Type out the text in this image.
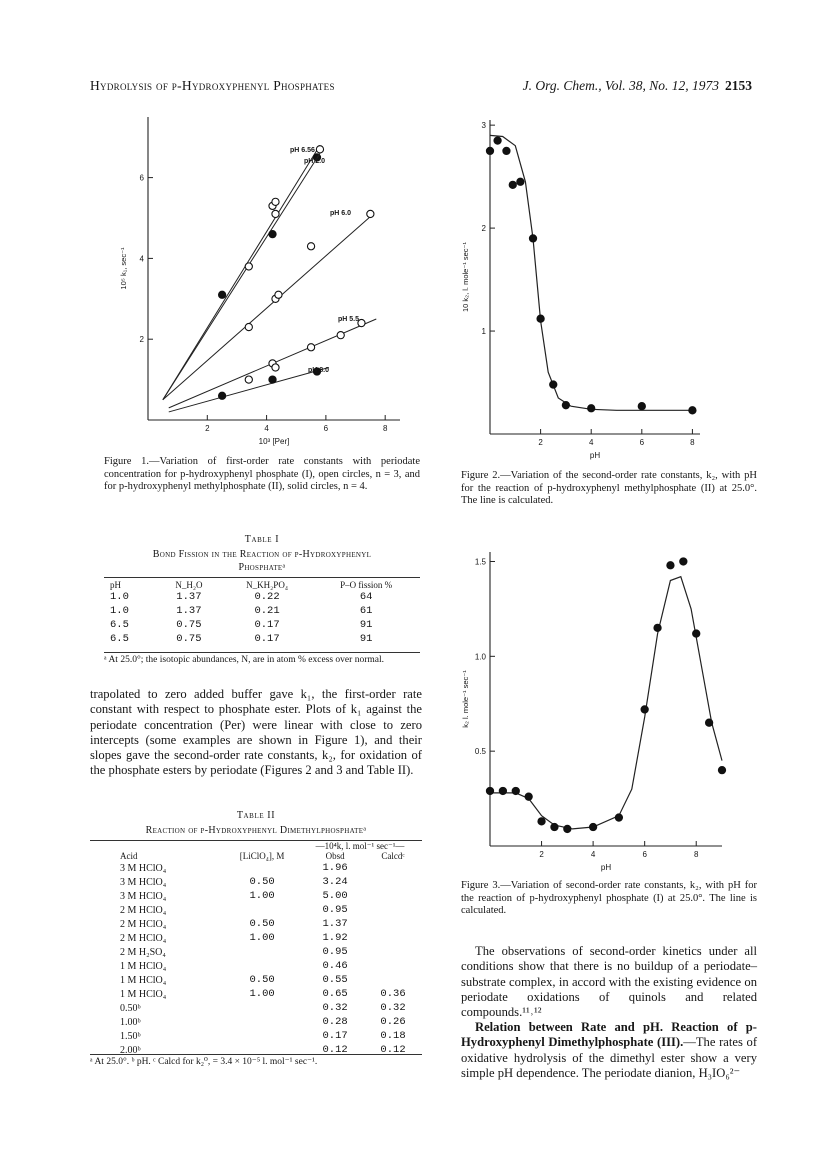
Hydrolysis of p-Hydroxyphenyl Phosphates	J. Org. Chem., Vol. 38, No. 12, 1973 2153
2	4	6	8
2
4
6
10³ [Per]
10⁵ k₁, sec⁻¹
pH 6.56
pH 2.0
pH 6.0
pH 5.5
pH 8.0
Figure 1.—Variation of first-order rate constants with periodate concentration for p-hydroxyphenyl phosphate (I), open circles, n = 3, and for p-hydroxyphenyl methylphosphate (II), solid circles, n = 4.
2	4	6	8
1
2
3
pH
10 k₂, l. mole⁻¹ sec⁻¹
Figure 2.—Variation of the second-order rate constants, k₂, with pH for the reaction of p-hydroxyphenyl methylphosphate (II) at 25.0°. The line is calculated.
2	4	6	8
0.5
1.0
1.5
pH
k₂ l. mole⁻¹ sec⁻¹
Figure 3.—Variation of second-order rate constants, k₂, with pH for the reaction of p-hydroxyphenyl phosphate (I) at 25.0°. The line is calculated.
Table I
Bond Fission in the Reaction of p-Hydroxyphenyl Phosphateᵃ
pH	N_H₂O	N_KH₂PO₄	P–O fission %
1.0	1.37	0.22	64
1.0	1.37	0.21	61
6.5	0.75	0.17	91
6.5	0.75	0.17	91
ᵃ At 25.0°; the isotopic abundances, N, are in atom % excess over normal.
trapolated to zero added buffer gave k₁, the first-order rate constant with respect to phosphate ester. Plots of k₁ against the periodate concentration (Per) were linear with close to zero intercepts (some examples are shown in Figure 1), and their slopes gave the second-order rate constants, k₂, for oxidation of the phosphate esters by periodate (Figures 2 and 3 and Table II).
Table II
Reaction of p-Hydroxyphenyl Dimethylphosphateᵃ
—10⁴k, l. mol⁻¹ sec⁻¹—
Acid	[LiClO₄], M	Obsd	Calcdᶜ
3 M HClO₄		1.96	
3 M HClO₄	0.50	3.24	
3 M HClO₄	1.00	5.00	
2 M HClO₄		0.95	
2 M HClO₄	0.50	1.37	
2 M HClO₄	1.00	1.92	
2 M H₂SO₄		0.95	
1 M HClO₄		0.46	
1 M HClO₄	0.50	0.55	
1 M HClO₄	1.00	0.65	0.36
0.50ᵇ		0.32	0.32
1.00ᵇ		0.28	0.26
1.50ᵇ		0.17	0.18
2.00ᵇ		0.12	0.12
ᵃ At 25.0°. ᵇ pH. ᶜ Calcd for k₂⁰, = 3.4 × 10⁻⁵ l. mol⁻¹ sec⁻¹.
The observations of second-order kinetics under all conditions show that there is no buildup of a periodate–substrate complex, in accord with the existing evidence on periodate oxidations of quinols and related compounds.¹¹˒¹²
Relation between Rate and pH. Reaction of p-Hydroxyphenyl Dimethylphosphate (III).—The rates of oxidative hydrolysis of the dimethyl ester show a very simple pH dependence. The periodate dianion, H₃IO₆²⁻
